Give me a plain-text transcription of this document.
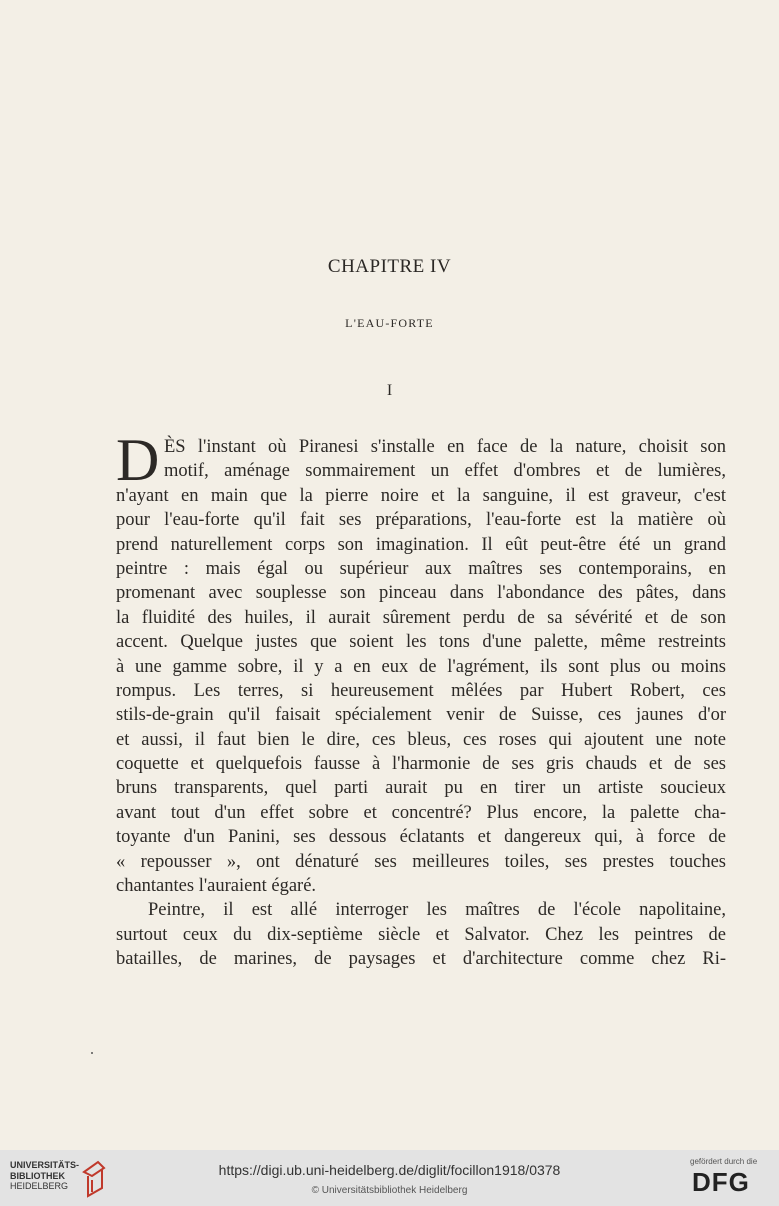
CHAPITRE IV
L'EAU-FORTE
I
D ÈS l'instant où Piranesi s'installe en face de la nature, choisit son
motif, aménage sommairement un effet d'ombres et de lumières,
n'ayant en main que la pierre noire et la sanguine, il est graveur, c'est
pour l'eau-forte qu'il fait ses préparations, l'eau-forte est la matière où
prend naturellement corps son imagination. Il eût peut-être été un grand
peintre : mais égal ou supérieur aux maîtres ses contemporains, en
promenant avec souplesse son pinceau dans l'abondance des pâtes, dans
la fluidité des huiles, il aurait sûrement perdu de sa sévérité et de son
accent. Quelque justes que soient les tons d'une palette, même restreints
à une gamme sobre, il y a en eux de l'agrément, ils sont plus ou moins
rompus. Les terres, si heureusement mêlées par Hubert Robert, ces
stils-de-grain qu'il faisait spécialement venir de Suisse, ces jaunes d'or
et aussi, il faut bien le dire, ces bleus, ces roses qui ajoutent une note
coquette et quelquefois fausse à l'harmonie de ses gris chauds et de ses
bruns transparents, quel parti aurait pu en tirer un artiste soucieux
avant tout d'un effet sobre et concentré? Plus encore, la palette cha-
toyante d'un Panini, ses dessous éclatants et dangereux qui, à force de
« repousser », ont dénaturé ses meilleures toiles, ses prestes touches
chantantes l'auraient égaré.
Peintre, il est allé interroger les maîtres de l'école napolitaine,
surtout ceux du dix-septième siècle et Salvator. Chez les peintres de
batailles, de marines, de paysages et d'architecture comme chez Ri-
UNIVERSITÄTS-
BIBLIOTHEK
HEIDELBERG
https://digi.ub.uni-heidelberg.de/diglit/focillon1918/0378
© Universitätsbibliothek Heidelberg
gefördert durch die
DFG
